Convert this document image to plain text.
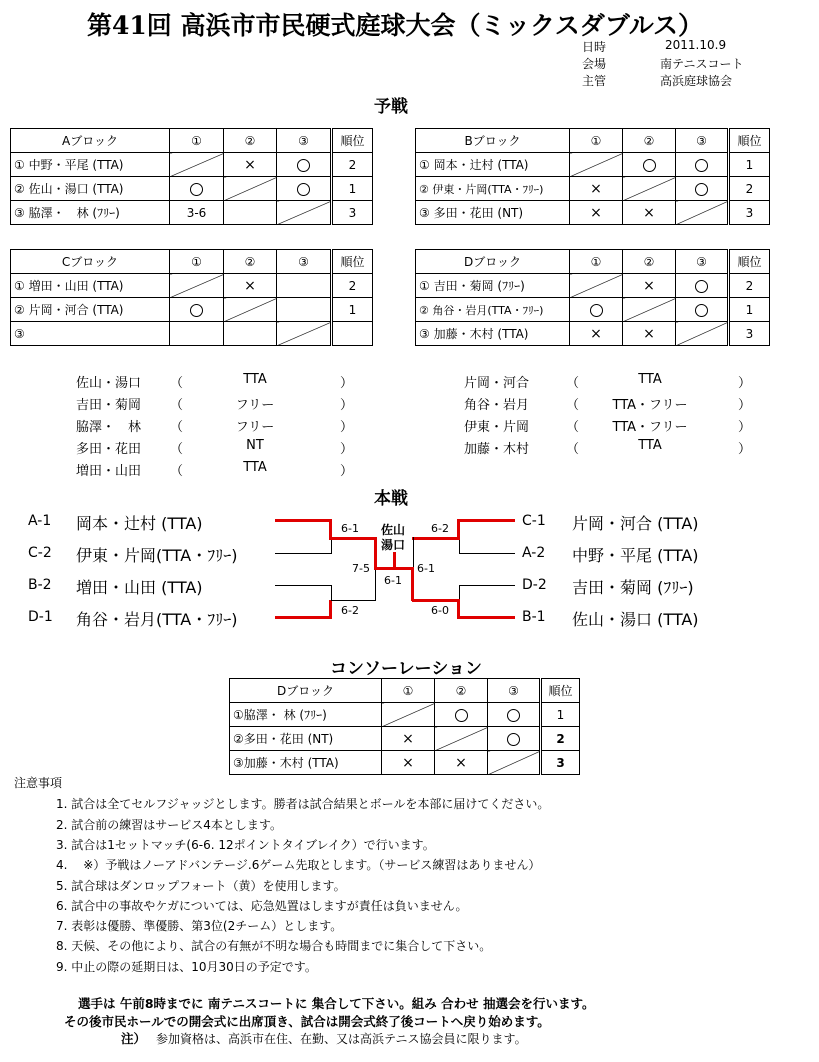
第41回 高浜市市民硬式庭球大会（ミックスダブルス）
日時	2011.10.9
会場	南テニスコート
主管	高浜庭球協会
予戦
Aブロック	①	②	③	順位
① 中野・平尾 (TTA)		×		2
② 佐山・湯口 (TTA)				1
③ 脇澤・　林 (ﾌﾘｰ)	3-6			3
Bブロック	①	②	③	順位
① 岡本・辻村 (TTA)				1
② 伊東・片岡(TTA・ﾌﾘｰ)	×			2
③ 多田・花田 (NT)	×	×		3
Cブロック	①	②	③	順位
① 増田・山田 (TTA)		×		2
② 片岡・河合 (TTA)				1
③				
Dブロック	①	②	③	順位
① 吉田・菊岡 (ﾌﾘｰ)		×		2
② 角谷・岩月(TTA・ﾌﾘｰ)				1
③ 加藤・木村 (TTA)	×	×		3
佐山・湯口 （	TTA	）
吉田・菊岡 （	フリー	）
脇澤・　林 （	フリー	）
多田・花田 （	NT	）
増田・山田 （	TTA	）
片岡・河合	（	TTA	）
角谷・岩月	（	TTA・フリー	）
伊東・片岡	（	TTA・フリー	）
加藤・木村	（	TTA	）
本戦
A-1 岡本・辻村 (TTA)
C-2 伊東・片岡(TTA・ﾌﾘｰ)
B-2 増田・山田 (TTA)
D-1 角谷・岩月(TTA・ﾌﾘｰ)
C-1 片岡・河合 (TTA)
A-2 中野・平尾 (TTA)
D-2 吉田・菊岡 (ﾌﾘｰ)
B-1 佐山・湯口 (TTA)
6-1
6-2
6-2
6-0
7-5	6-1
6-1
佐山
湯口
コンソーレーション
Dブロック	①	②	③	順位
①脇澤・ 林 (ﾌﾘｰ)				1
②多田・花田 (NT)	×			2
③加藤・木村 (TTA)	×	×		3
注意事項
1. 試合は全てセルフジャッジとします。勝者は試合結果とボールを本部に届けてください。
2. 試合前の練習はサービス4本とします。
3. 試合は1セットマッチ(6-6. 12ポイントタイブレイク）で行います。
4.　 ※）予戦はノーアドバンテージ.6ゲーム先取とします。（サービス練習はありません）
5. 試合球はダンロップフォート（黄）を使用します。
6. 試合中の事故やケガについては、応急処置はしますが責任は負いません。
7. 表彰は優勝、準優勝、第3位(2チーム）とします。
8. 天候、その他により、試合の有無が不明な場合も時間までに集合して下さい。
9. 中止の際の延期日は、10月30日の予定です。
選手は 午前8時までに 南テニスコートに 集合して下さい。組み 合わせ 抽選会を行います。
その後市民ホールでの開会式に出席頂き、試合は開会式終了後コートへ戻り始めます。
注） 参加資格は、高浜市在住、在勤、又は高浜テニス協会員に限ります。
